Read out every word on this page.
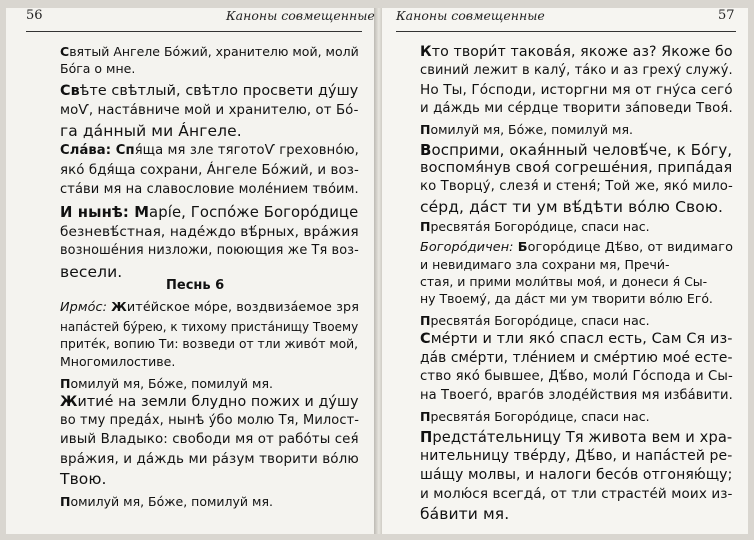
56	Каноны совмещенные Каноны совмещенные	57
Святый Ангеле Бóжий, хранителю мой, молй
Бóга о мне.
Свѣте свѣтлый, свѣтло просвети дýшу
моѴ, настáвниче мой и хранителю, от Бó-
га дáнный ми Áнгеле.
Слáва: Спя́ща мя зле тягот​оѴ греховнóю,
якó бдя́ща сохрани, Áнгеле Бóжий, и воз-
стáви мя на славословие молéнием твóим.
И нынѣ: Марíе, Госпóже Богорóдице
безневѣ́стная, надéждо вѣ́рных, врáжия
возношéния низложи, поюющия же Тя воз-
весели.
Ирмóс: Житéйское мóре, воздвизáемое зря
напáстей бýрею, к тихому пристáнищу Твоему
притéк, вопию Ти: возведи от тли живóт мой,
Многомилостиве.
Помилуй мя, Бóже, помилуй мя.
Житиé на земли блудно пожих и дýшу
во тму предáх, нынѣ ýбо молю Тя, Милост-
ивый Владыко: свободи мя от рабóты сея́
врáжия, и дáждь ми рáзум творити вóлю
Твою.
Помилуй мя, Бóже, помилуй мя.
Кто твори́т таковáя, якоже аз? Якоже бо
свиний лежит в калу́, тáко и аз грехý служу́.
Но Ты, Гóсподи, исторгни мя от гнýса сегó
и дáждь ми сéрдце творити зáповеди Твоя́.
Помилуй мя, Бóже, помилуй мя.
Восприми, окая́нный человѣ́че, к Бóгу,
воспомя́нув своя́ согрешéния, припáдая
ко Творцý, слезя́ и стеня́; Той же, якó мило-
сéрд, дáст ти ум вѣ́дѣти вóлю Свою.
Пресвятáя Богорóдице, спаси нас.
Богорóдичен: Богорóдице Дѣ́во, от видимаго
и невидимаго зла сохрани мя, Пречи́-
стая, и прими моли́твы моя́, и донеси я́ Сы-
ну Твоему́, да дáст ми ум творити вóлю Егó.
Пресвятáя Богорóдице, спаси нас.
Смéрти и тли якó спасл есть, Сам Ся из-
дáв смéрти, тлéнием и смéртию моé есте-
ство якó бывшее, Дѣ́во, моли́ Гóспода и Сы-
на Твоегó, врагóв злодéйствия мя избáвити.
Пресвятáя Богорóдице, спаси нас.
Предстáтельницу Тя живота вем и хра-
нительницу твéрду, Дѣ́во, и напáстей ре-
шáщу молвы, и налоги бесóв отгоняю́щу;
и молю́ся всегдá, от тли страстéй моих из-
бáвити мя.
Песнь 6
